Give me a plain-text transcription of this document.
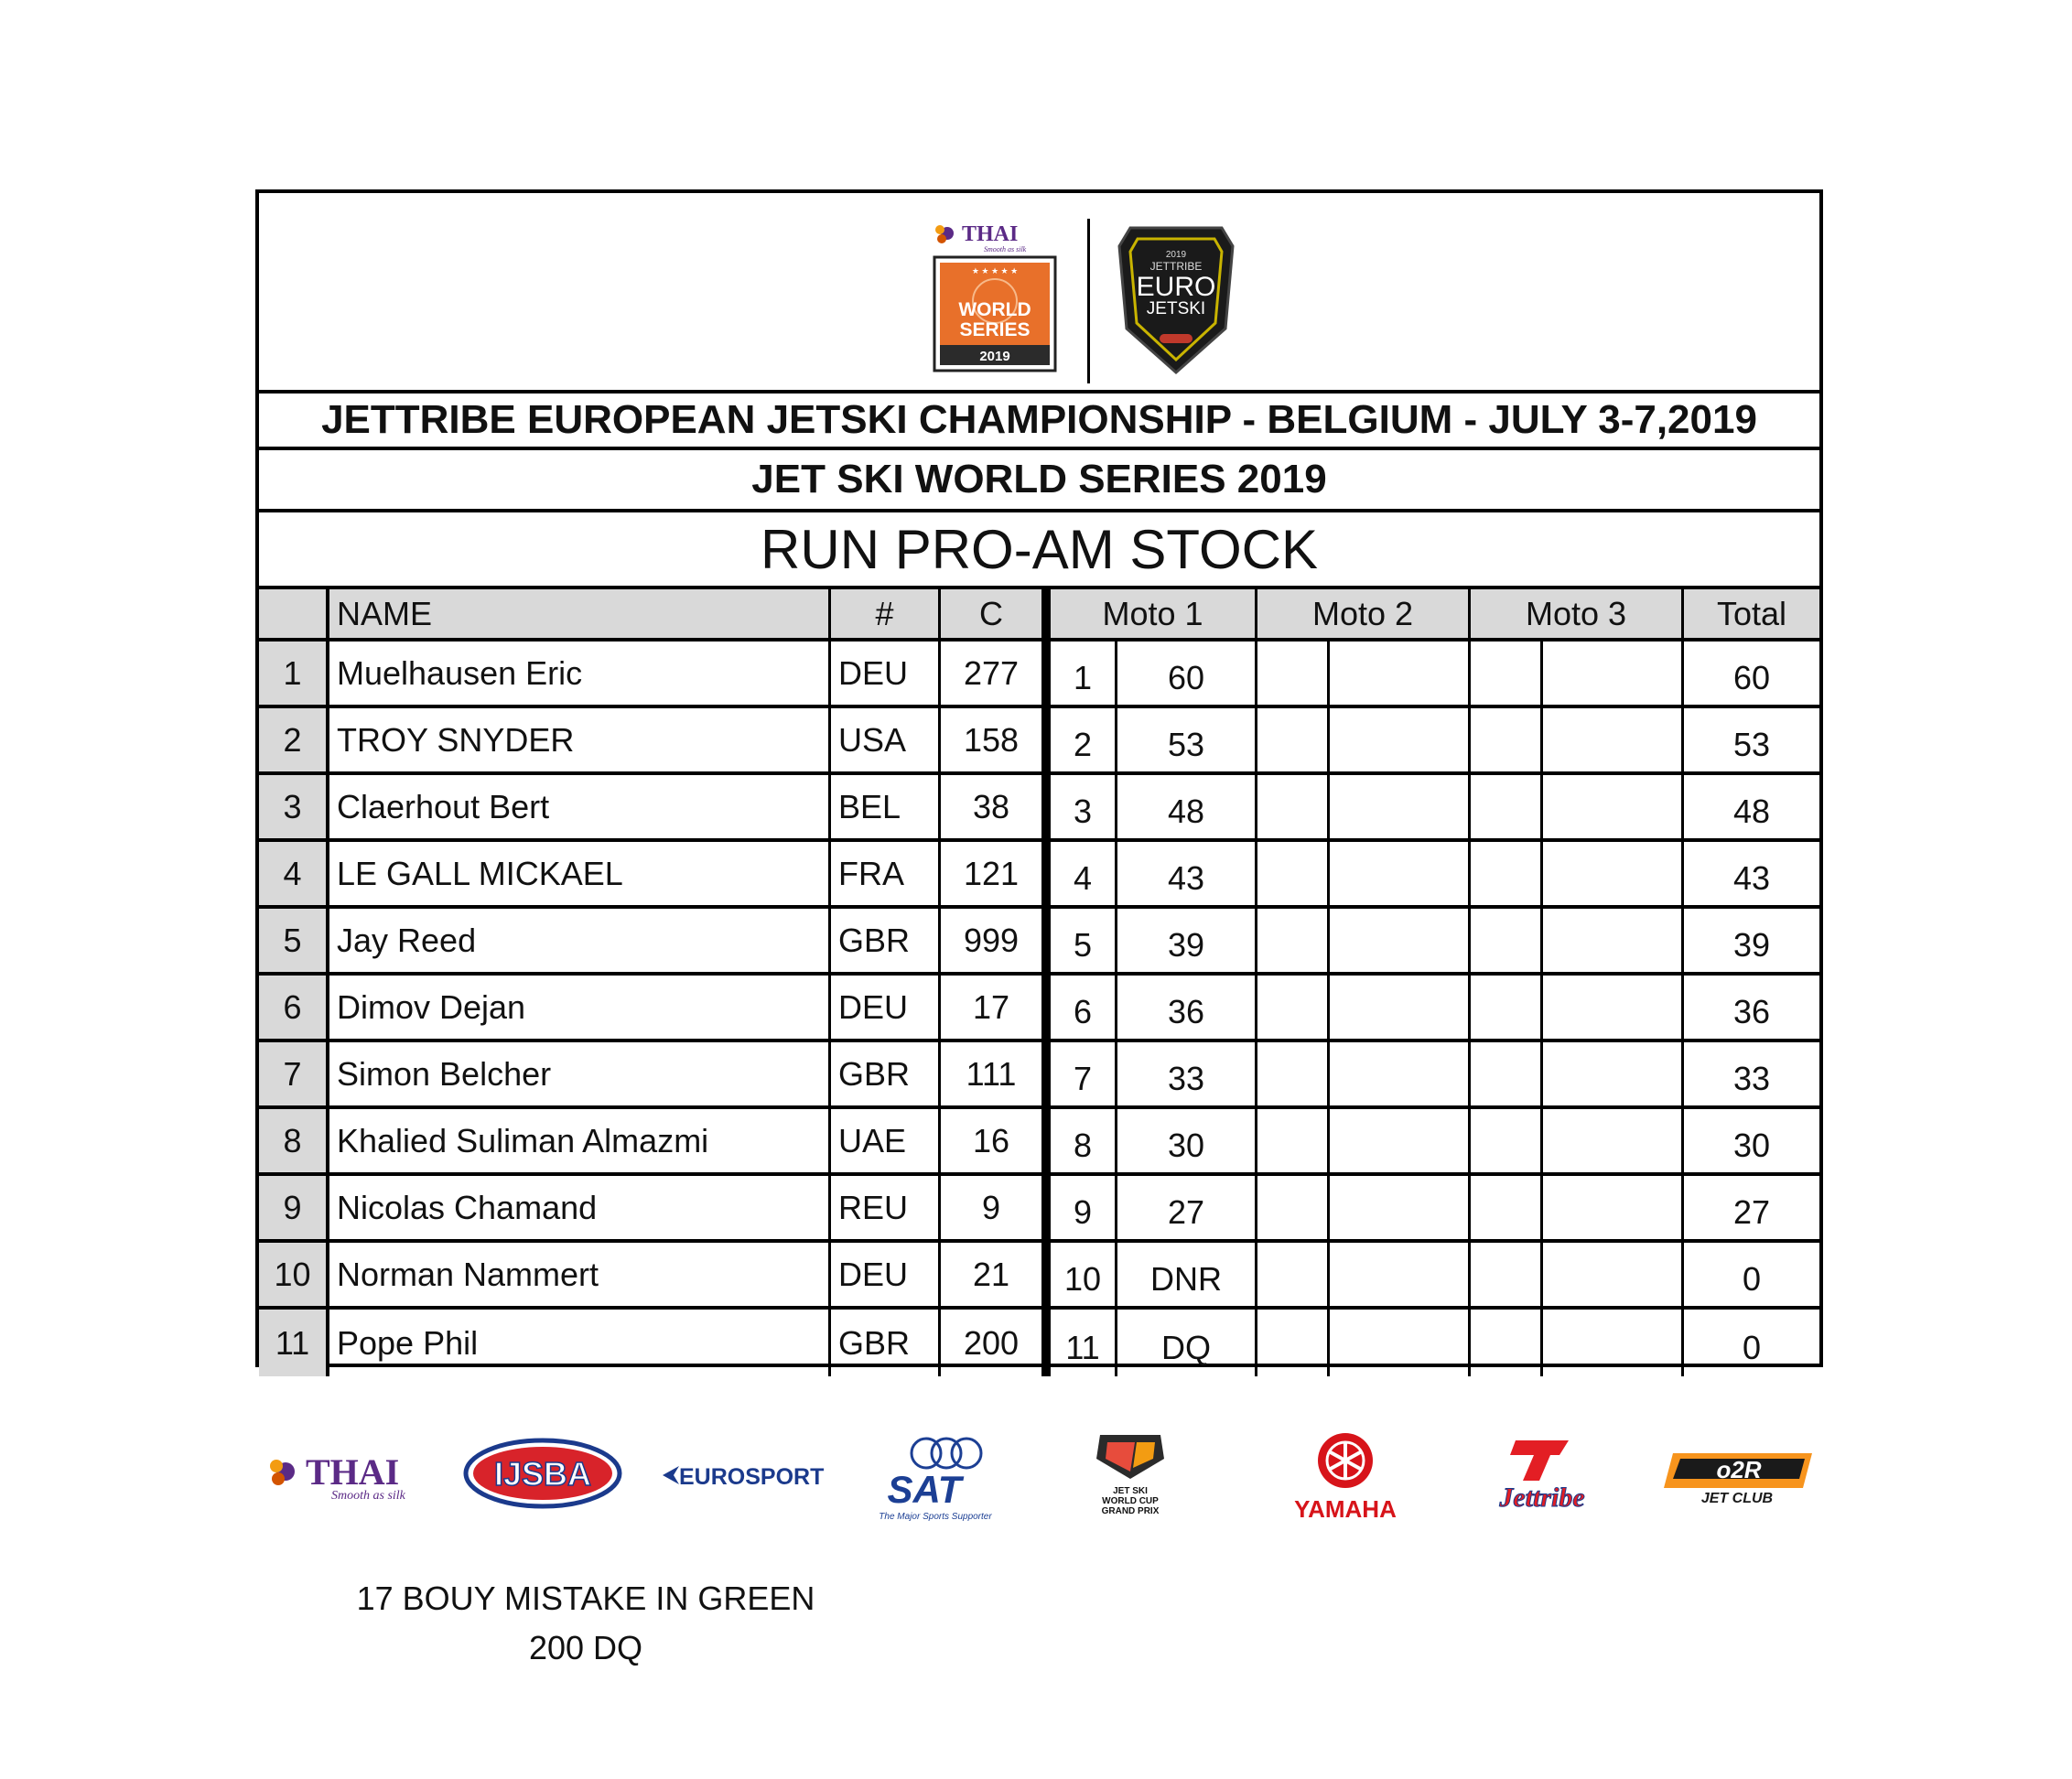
THAI
Smooth as silk
★ ★ ★ ★ ★
WORLD
SERIES
2019
2019
JETTRIBE
EURO
JETSKI
JETTRIBE EUROPEAN JETSKI CHAMPIONSHIP - BELGIUM - JULY 3-7,2019
JET SKI WORLD SERIES 2019
RUN PRO-AM STOCK
NAME	#	C	Moto 1	Moto 2	Moto 3	Total
1	Muelhausen Eric	DEU	277	1	60	60
2	TROY SNYDER	USA	158	2	53	53
3	Claerhout Bert	BEL	38	3	48	48
4	LE GALL MICKAEL	FRA	121	4	43	43
5	Jay Reed	GBR	999	5	39	39
6	Dimov Dejan	DEU	17	6	36	36
7	Simon Belcher	GBR	111	7	33	33
8	Khalied Suliman Almazmi	UAE	16	8	30	30
9	Nicolas Chamand	REU	9	9	27	27
10 Norman Nammert	DEU	21	10	DNR	0
11 Pope Phil	GBR	200	11	DQ	0
THAI
Smooth as silk
IJSBA	EUROSPORT SAT
The Major Sports Supporter
JET SKI
WORLD CUP
GRAND PRIX	YAMAHA	Jettribe
o2R
JET CLUB
17 BOUY MISTAKE IN GREEN
200 DQ
